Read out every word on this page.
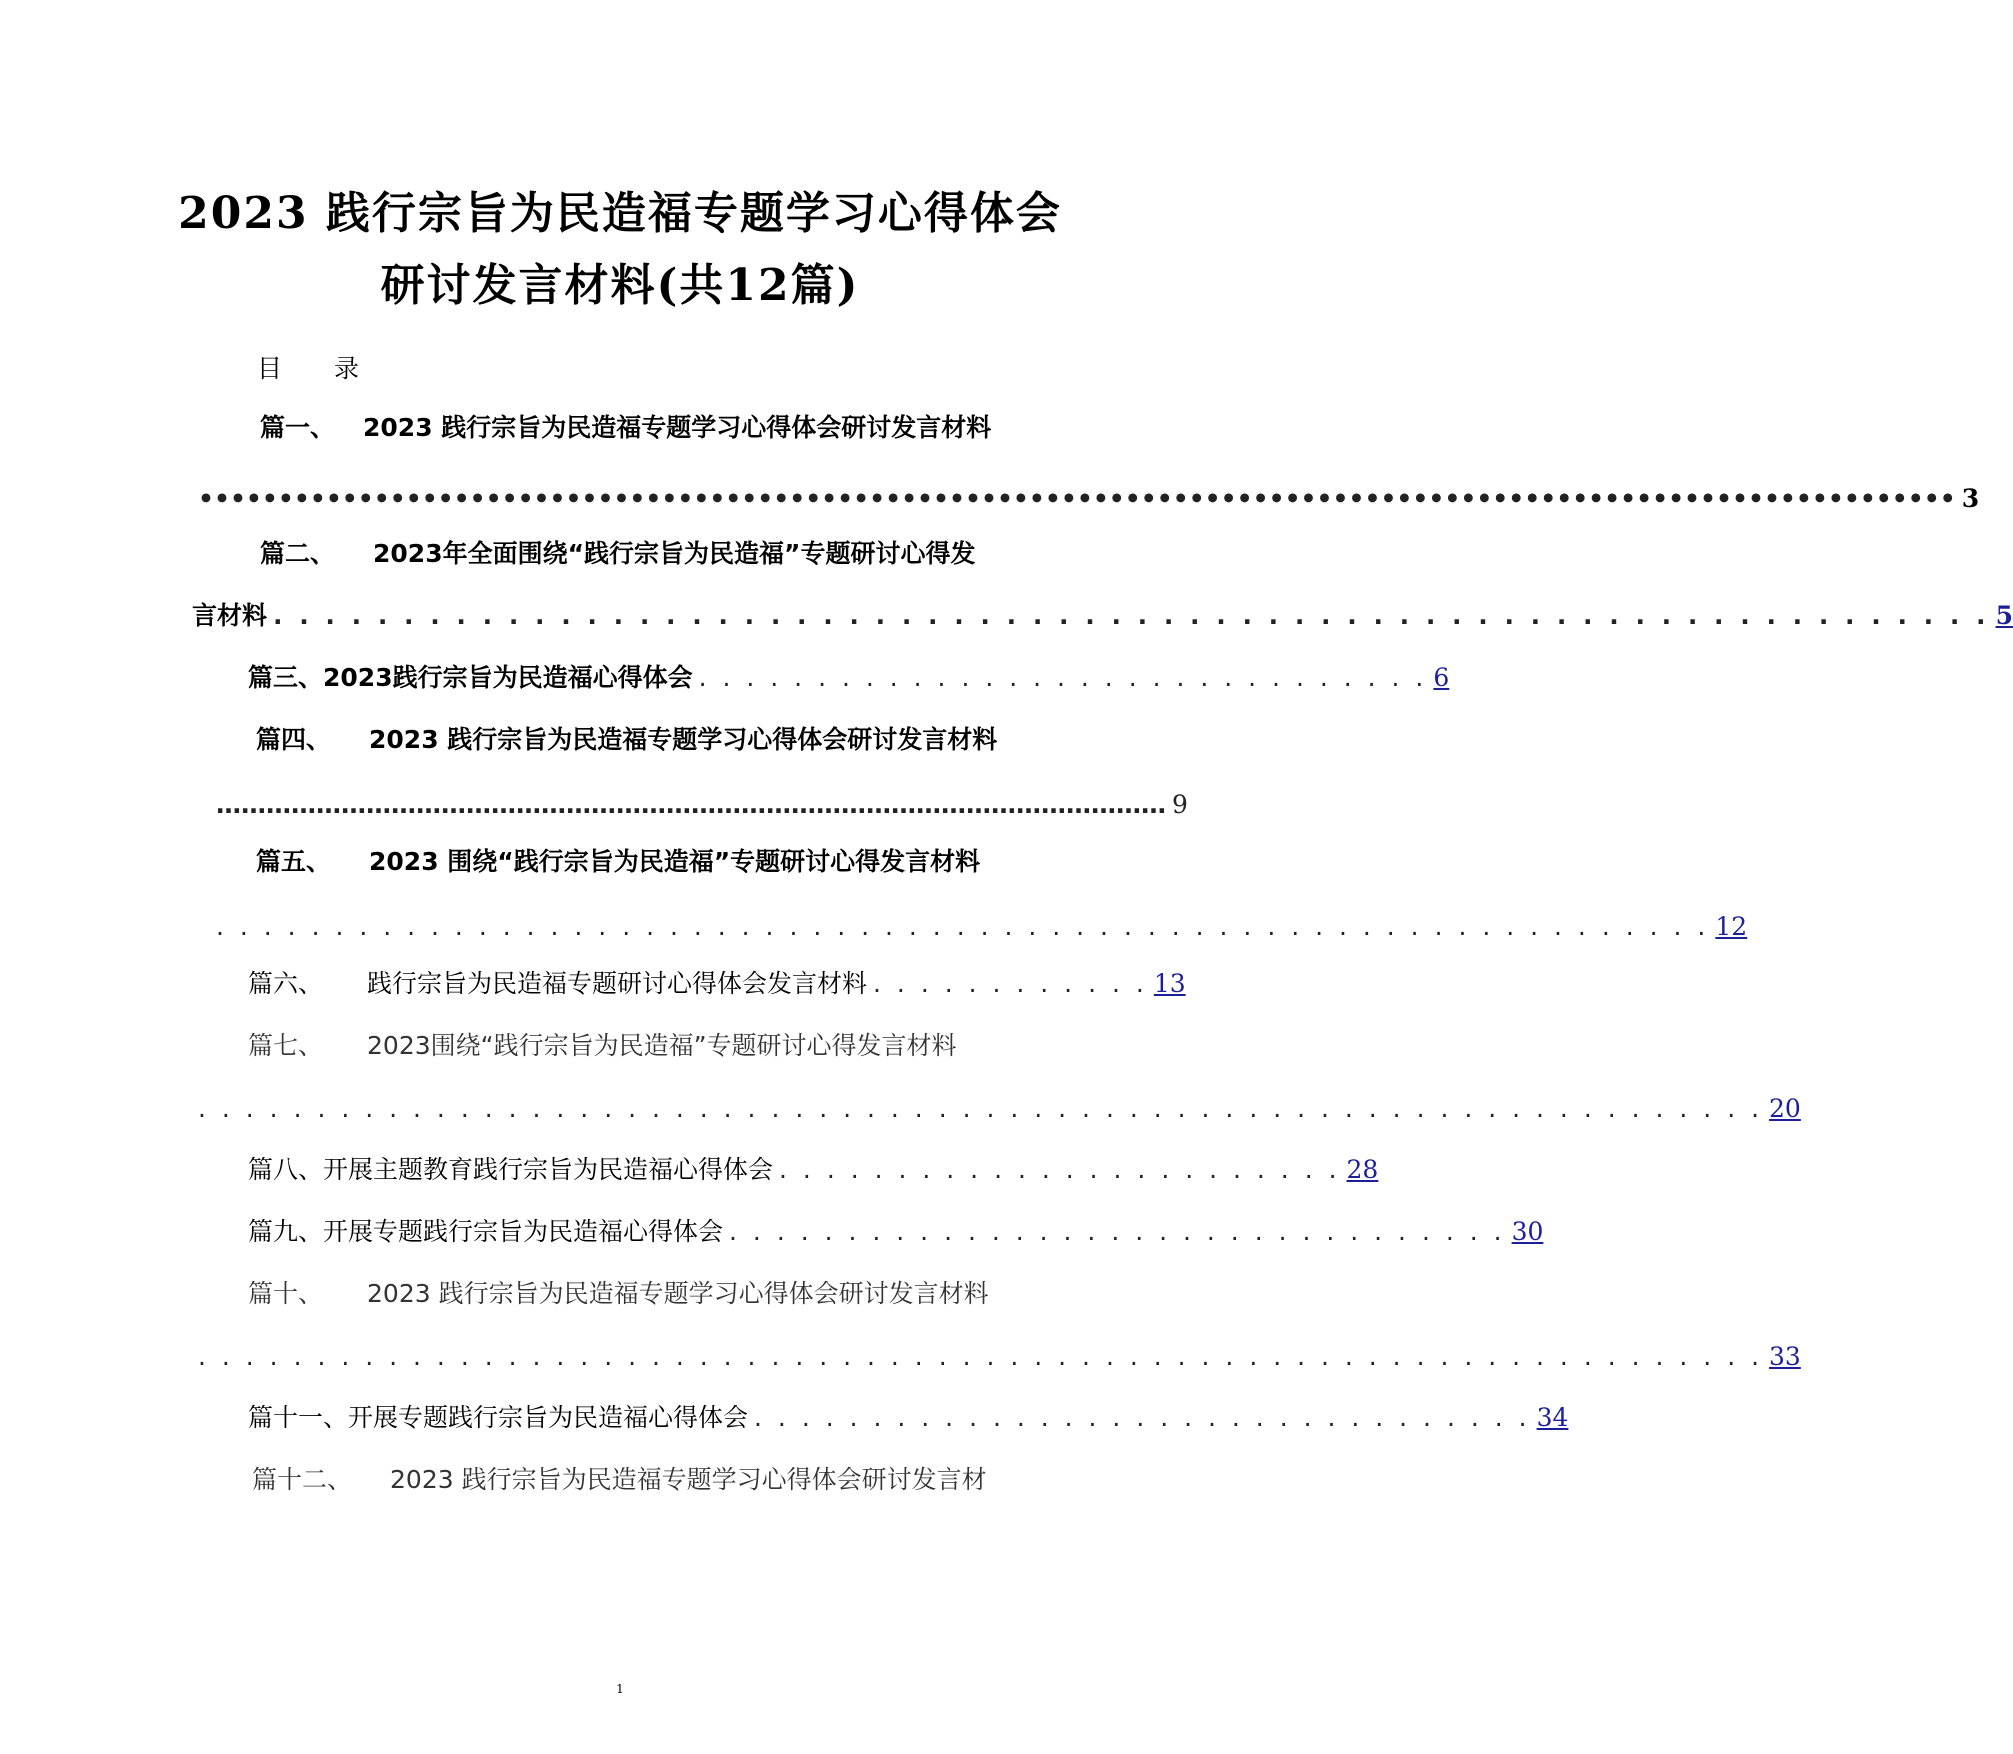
2023 践行宗旨为民造福专题学习心得体会
研讨发言材料(共12篇)
目 录
篇一、 2023 践行宗旨为民造福专题学习心得体会研讨发言材料
•••••••••••••••••••••••••••••••••••••••••••••••••••••••••••••••••••••••••••••••••••••••••••••••••••••••••••••• 3
篇二、 2023年全面围绕“践行宗旨为民造福”专题研讨心得发
言材料 . . . . . . . . . . . . . . . . . . . . . . . . . . . . . . . . . . . . . . . . . . . . . . . . . . . . . . . . . . . . . . . . . . 5
篇三、 2023践行宗旨为民造福心得体会 . . . . . . . . . . . . . . . . . . . . . . . . . . . . . . . 6
篇四、 2023 践行宗旨为民造福专题学习心得体会研讨发言材料
…………………………………………………………………………………………………… 9
篇五、 2023 围绕“践行宗旨为民造福”专题研讨心得发言材料
. . . . . . . . . . . . . . . . . . . . . . . . . . . . . . . . . . . . . . . . . . . . . . . . . . . . . . . . . . . . . . . 12
篇六、 践行宗旨为民造福专题研讨心得体会发言材料 . . . . . . . . . . . . 13
篇七、 2023围绕“践行宗旨为民造福”专题研讨心得发言材料
. . . . . . . . . . . . . . . . . . . . . . . . . . . . . . . . . . . . . . . . . . . . . . . . . . . . . . . . . . . . . . . . . . 20
篇八、 开展主题教育践行宗旨为民造福心得体会 . . . . . . . . . . . . . . . . . . . . . . . . 28
篇九、 开展专题践行宗旨为民造福心得体会 . . . . . . . . . . . . . . . . . . . . . . . . . . . . . . . . . 30
篇十、 2023 践行宗旨为民造福专题学习心得体会研讨发言材料
. . . . . . . . . . . . . . . . . . . . . . . . . . . . . . . . . . . . . . . . . . . . . . . . . . . . . . . . . . . . . . . . . . 33
篇十一、 开展专题践行宗旨为民造福心得体会 . . . . . . . . . . . . . . . . . . . . . . . . . . . . . . . . . 34
篇十二、 2023 践行宗旨为民造福专题学习心得体会研讨发言材
1
